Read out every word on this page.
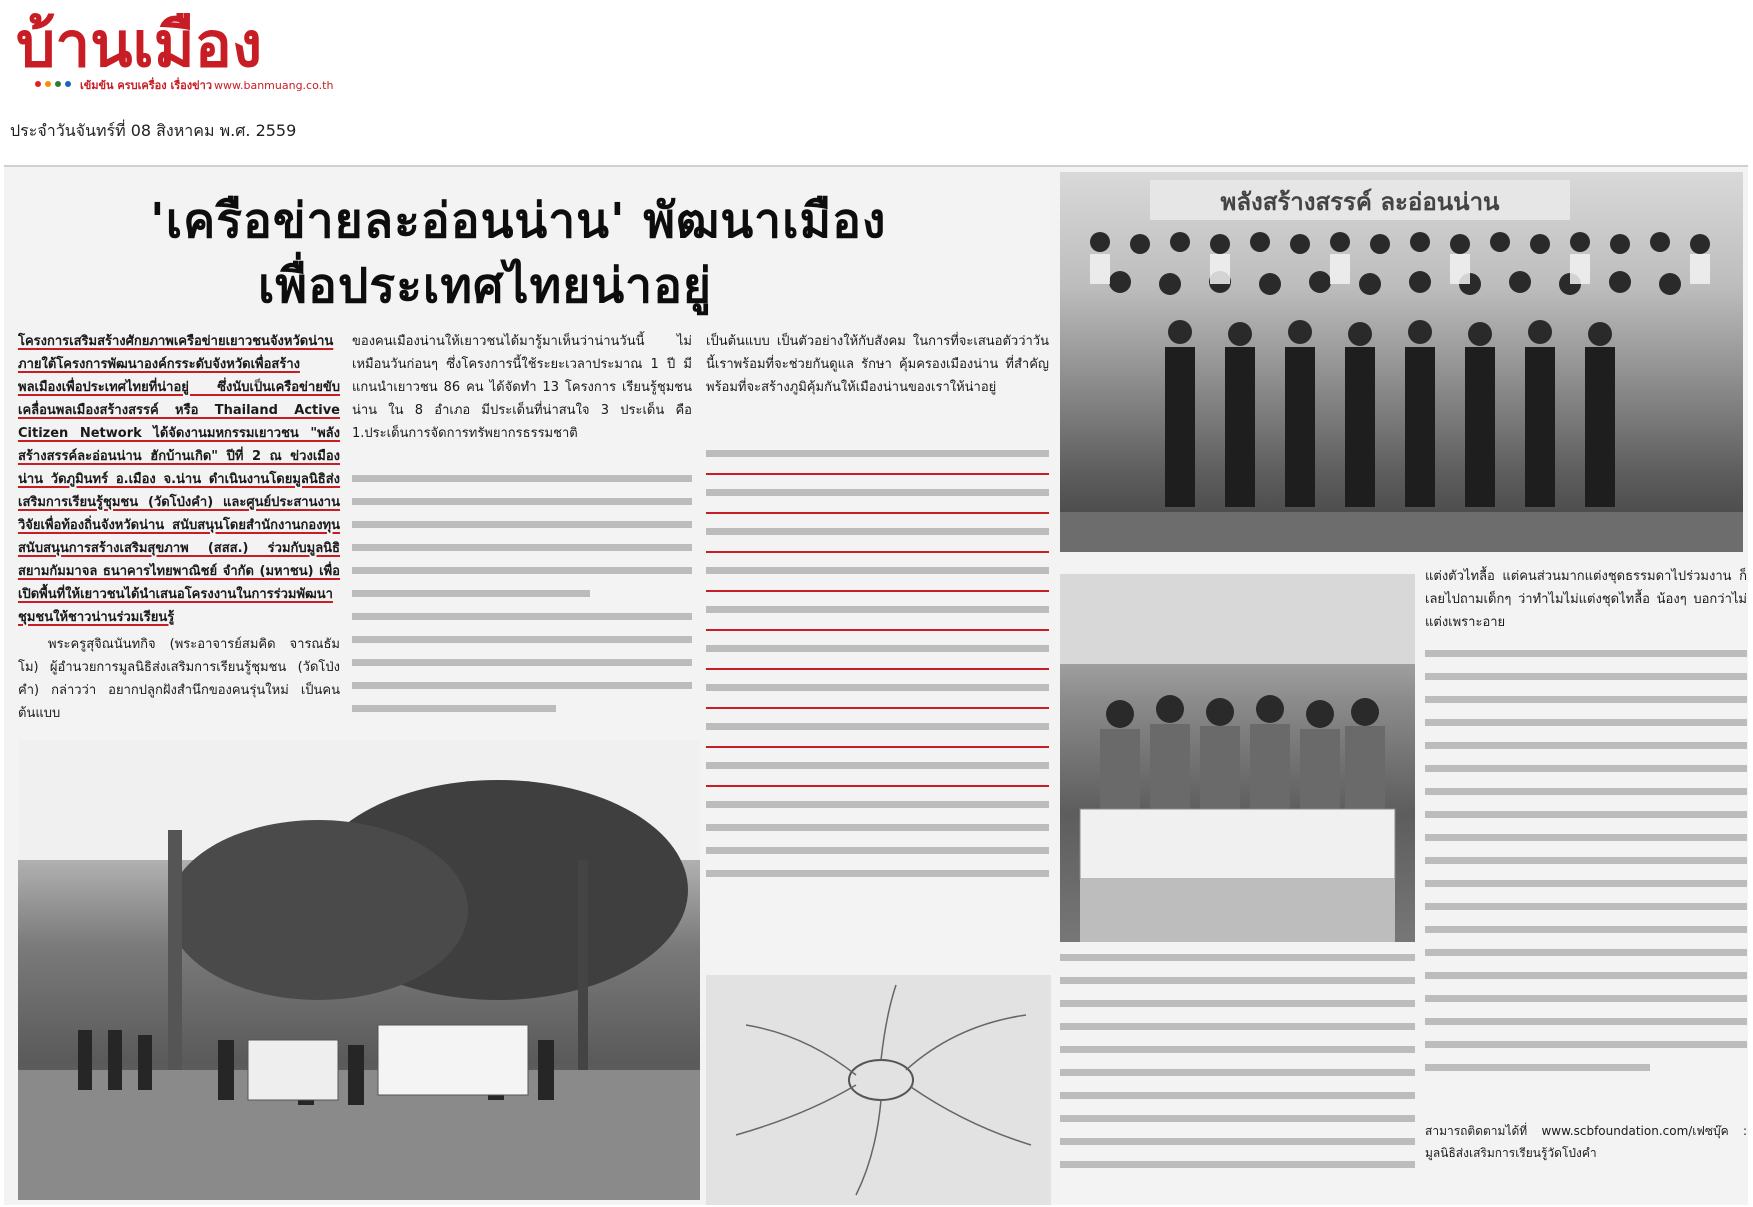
บ้านเมือง
เข้มข้น ครบเครื่อง เรื่องข่าว www.banmuang.co.th
ประจำวันจันทร์ที่ 08 สิงหาคม พ.ศ. 2559
'เครือข่ายละอ่อนน่าน' พัฒนาเมือง
เพื่อประเทศไทยน่าอยู่

โครงการเสริมสร้างศักยภาพเครือข่ายเยาวชนจังหวัดน่าน ภายใต้โครงการพัฒนาองค์กรระดับจังหวัดเพื่อสร้างพลเมืองเพื่อประเทศไทยที่น่าอยู่ ซึ่งนับเป็นเครือข่ายขับเคลื่อนพลเมืองสร้างสรรค์ หรือ Thailand Active Citizen Network ได้จัดงานมหกรรมเยาวชน "พลังสร้างสรรค์ละอ่อนน่าน ฮักบ้านเกิด" ปีที่ 2 ณ ข่วงเมืองน่าน วัดภูมินทร์ อ.เมือง จ.น่าน ดำเนินงานโดยมูลนิธิส่งเสริมการเรียนรู้ชุมชน (วัดโป่งคำ) และศูนย์ประสานงานวิจัยเพื่อท้องถิ่นจังหวัดน่าน สนับสนุนโดยสำนักงานกองทุนสนับสนุนการสร้างเสริมสุขภาพ (สสส.) ร่วมกับมูลนิธิสยามกัมมาจล ธนาคารไทยพาณิชย์ จำกัด (มหาชน) เพื่อเปิดพื้นที่ให้เยาวชนได้นำเสนอโครงงานในการร่วมพัฒนาชุมชนให้ชาวน่านร่วมเรียนรู้

พระครูสุจิณนันทกิจ (พระอาจารย์สมคิด จารณธัมโม) ผู้อำนวยการมูลนิธิส่งเสริมการเรียนรู้ชุมชน (วัดโป่งคำ) กล่าวว่า อยากปลูกฝังสำนึกของคนรุ่นใหม่ เป็นคนต้นแบบ

ของคนเมืองน่านให้เยาวชนได้มารู้มาเห็นว่าน่านวันนี้ ไม่เหมือนวันก่อนๆ ซึ่งโครงการนี้ใช้ระยะเวลาประมาณ 1 ปี มีแกนนำเยาวชน 86 คน ได้จัดทำ 13 โครงการ เรียนรู้ชุมชนน่าน ใน 8 อำเภอ มีประเด็นที่น่าสนใจ 3 ประเด็น คือ 1.ประเด็นการจัดการทรัพยากรธรรมชาติ

เป็นต้นแบบ เป็นตัวอย่างให้กับสังคม ในการที่จะเสนอตัวว่าวันนี้เราพร้อมที่จะช่วยกันดูแล รักษา คุ้มครองเมืองน่าน ที่สำคัญพร้อมที่จะสร้างภูมิคุ้มกันให้เมืองน่านของเราให้น่าอยู่

แต่งตัวไทลื้อ แต่คนส่วนมากแต่งชุดธรรมดาไปร่วมงาน ก็เลยไปถามเด็กๆ ว่าทำไมไม่แต่งชุดไทลื้อ น้องๆ บอกว่าไม่แต่งเพราะอาย

สามารถติดตามได้ที่ www.scbfoundation.com/เฟซบุ๊ค : มูลนิธิส่งเสริมการเรียนรู้วัดโป่งคำ

พลังสร้างสรรค์ ละอ่อนน่าน
